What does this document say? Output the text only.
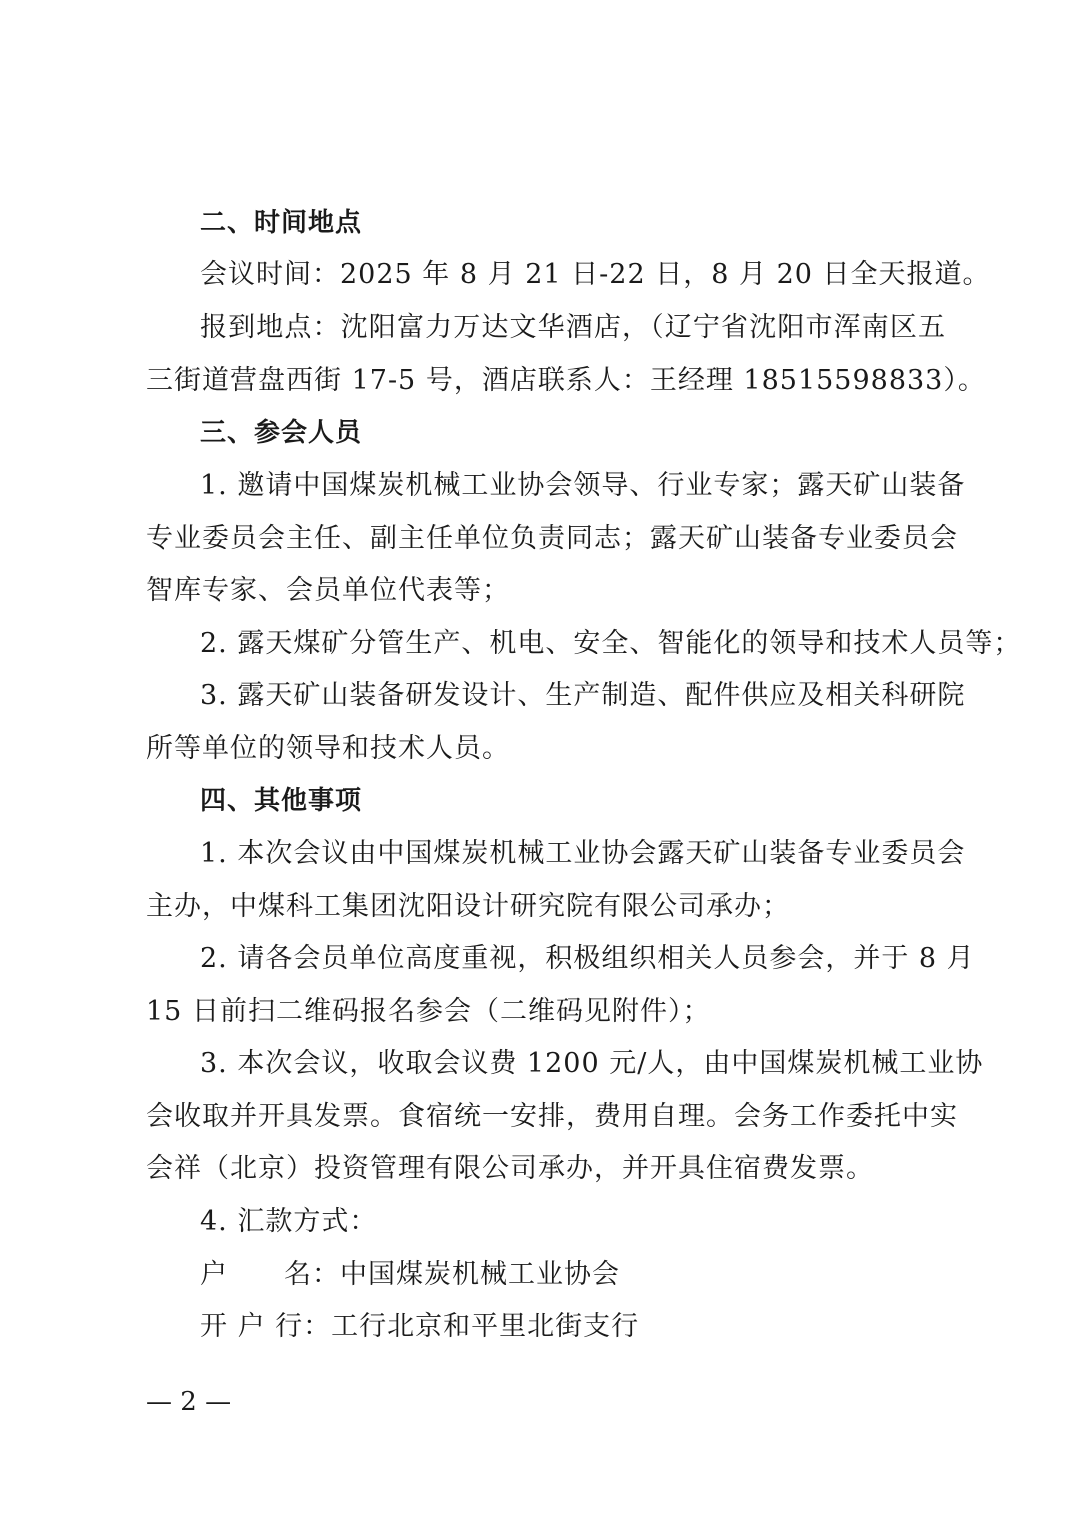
二、时间地点
会议时间：2025 年 8 月 21 日-22 日，8 月 20 日全天报道。
报到地点：沈阳富力万达文华酒店，（辽宁省沈阳市浑南区五
三街道营盘西街 17-5 号，酒店联系人：王经理 18515598833）。
三、参会人员
1. 邀请中国煤炭机械工业协会领导、行业专家；露天矿山装备
专业委员会主任、副主任单位负责同志；露天矿山装备专业委员会
智库专家、会员单位代表等；
2. 露天煤矿分管生产、机电、安全、智能化的领导和技术人员等；
3. 露天矿山装备研发设计、生产制造、配件供应及相关科研院
所等单位的领导和技术人员。
四、其他事项
1. 本次会议由中国煤炭机械工业协会露天矿山装备专业委员会
主办，中煤科工集团沈阳设计研究院有限公司承办；
2. 请各会员单位高度重视，积极组织相关人员参会，并于 8 月
15 日前扫二维码报名参会（二维码见附件）；
3. 本次会议，收取会议费 1200 元/人，由中国煤炭机械工业协
会收取并开具发票。食宿统一安排，费用自理。会务工作委托中实
会祥（北京）投资管理有限公司承办，并开具住宿费发票。
4. 汇款方式：
户　　名：中国煤炭机械工业协会
开 户 行：工行北京和平里北街支行
— 2 —
